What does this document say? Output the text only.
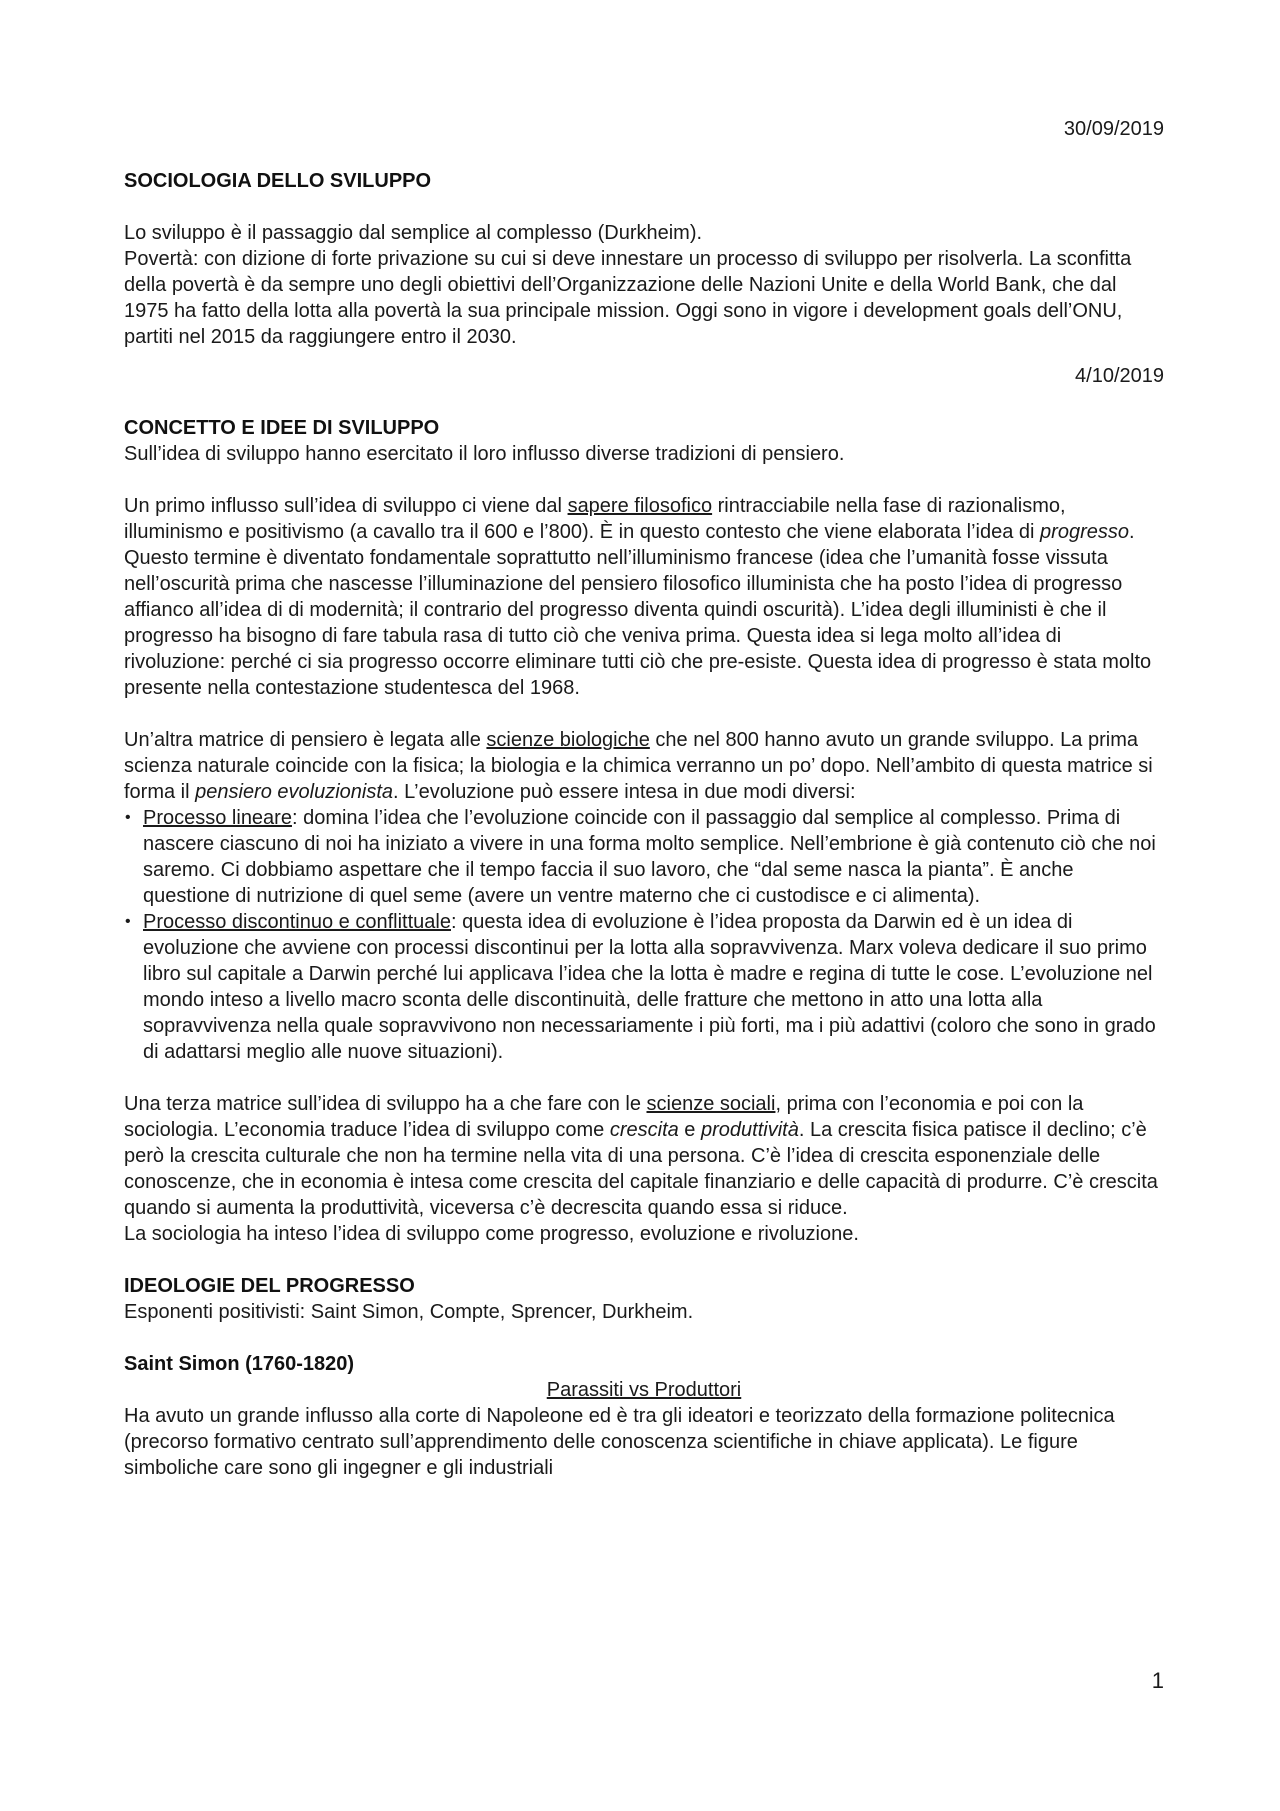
30/09/2019

SOCIOLOGIA DELLO SVILUPPO

Lo sviluppo è il passaggio dal semplice al complesso (Durkheim).

Povertà: con dizione di forte privazione su cui si deve innestare un processo di sviluppo per risolverla. La sconfitta della povertà è da sempre uno degli obiettivi dell’Organizzazione delle Nazioni Unite e della World Bank, che dal 1975 ha fatto della lotta alla povertà la sua principale mission. Oggi sono in vigore i development goals dell’ONU, partiti nel 2015 da raggiungere entro il 2030.

4/10/2019

CONCETTO E IDEE DI SVILUPPO

Sull’idea di sviluppo hanno esercitato il loro influsso diverse tradizioni di pensiero.

Un primo influsso sull’idea di sviluppo ci viene dal sapere filosofico rintracciabile nella fase di razionalismo, illuminismo e positivismo (a cavallo tra il 600 e l’800). È in questo contesto che viene elaborata l’idea di progresso. Questo termine è diventato fondamentale soprattutto nell’illuminismo francese (idea che l’umanità fosse vissuta nell’oscurità prima che nascesse l’illuminazione del pensiero filosofico illuminista che ha posto l’idea di progresso affianco all’idea di di modernità; il contrario del progresso diventa quindi oscurità). L’idea degli illuministi è che il progresso ha bisogno di fare tabula rasa di tutto ciò che veniva prima. Questa idea si lega molto all’idea di rivoluzione: perché ci sia progresso occorre eliminare tutti ciò che pre-esiste. Questa idea di progresso è stata molto presente nella contestazione studentesca del 1968.

Un’altra matrice di pensiero è legata alle scienze biologiche che nel 800 hanno avuto un grande sviluppo. La prima scienza naturale coincide con la fisica; la biologia e la chimica verranno un po’ dopo. Nell’ambito di questa matrice si forma il pensiero evoluzionista. L’evoluzione può essere intesa in due modi diversi:

• Processo lineare: domina l’idea che l’evoluzione coincide con il passaggio dal semplice al complesso. Prima di nascere ciascuno di noi ha iniziato a vivere in una forma molto semplice. Nell’embrione è già contenuto ciò che noi saremo. Ci dobbiamo aspettare che il tempo faccia il suo lavoro, che “dal seme nasca la pianta”. È anche questione di nutrizione di quel seme (avere un ventre materno che ci custodisce e ci alimenta).
• Processo discontinuo e conflittuale: questa idea di evoluzione è l’idea proposta da Darwin ed è un idea di evoluzione che avviene con processi discontinui per la lotta alla sopravvivenza. Marx voleva dedicare il suo primo libro sul capitale a Darwin perché lui applicava l’idea che la lotta è madre e regina di tutte le cose. L’evoluzione nel mondo inteso a livello macro sconta delle discontinuità, delle fratture che mettono in atto una lotta alla sopravvivenza nella quale sopravvivono non necessariamente i più forti, ma i più adattivi (coloro che sono in grado di adattarsi meglio alle nuove situazioni).

Una terza matrice sull’idea di sviluppo ha a che fare con le scienze sociali, prima con l’economia e poi con la sociologia. L’economia traduce l’idea di sviluppo come crescita e produttività. La crescita fisica patisce il declino; c’è però la crescita culturale che non ha termine nella vita di una persona. C’è l’idea di crescita esponenziale delle conoscenze, che in economia è intesa come crescita del capitale finanziario e delle capacità di produrre. C’è crescita quando si aumenta la produttività, viceversa c’è decrescita quando essa si riduce.

La sociologia ha inteso l’idea di sviluppo come progresso, evoluzione e rivoluzione.

IDEOLOGIE DEL PROGRESSO

Esponenti positivisti: Saint Simon, Compte, Sprencer, Durkheim.

Saint Simon (1760-1820)

Parassiti vs Produttori

Ha avuto un grande influsso alla corte di Napoleone ed è tra gli ideatori e teorizzato della formazione politecnica (precorso formativo centrato sull’apprendimento delle conoscenza scientifiche in chiave applicata). Le figure simboliche care sono gli ingegner e gli industriali

1
